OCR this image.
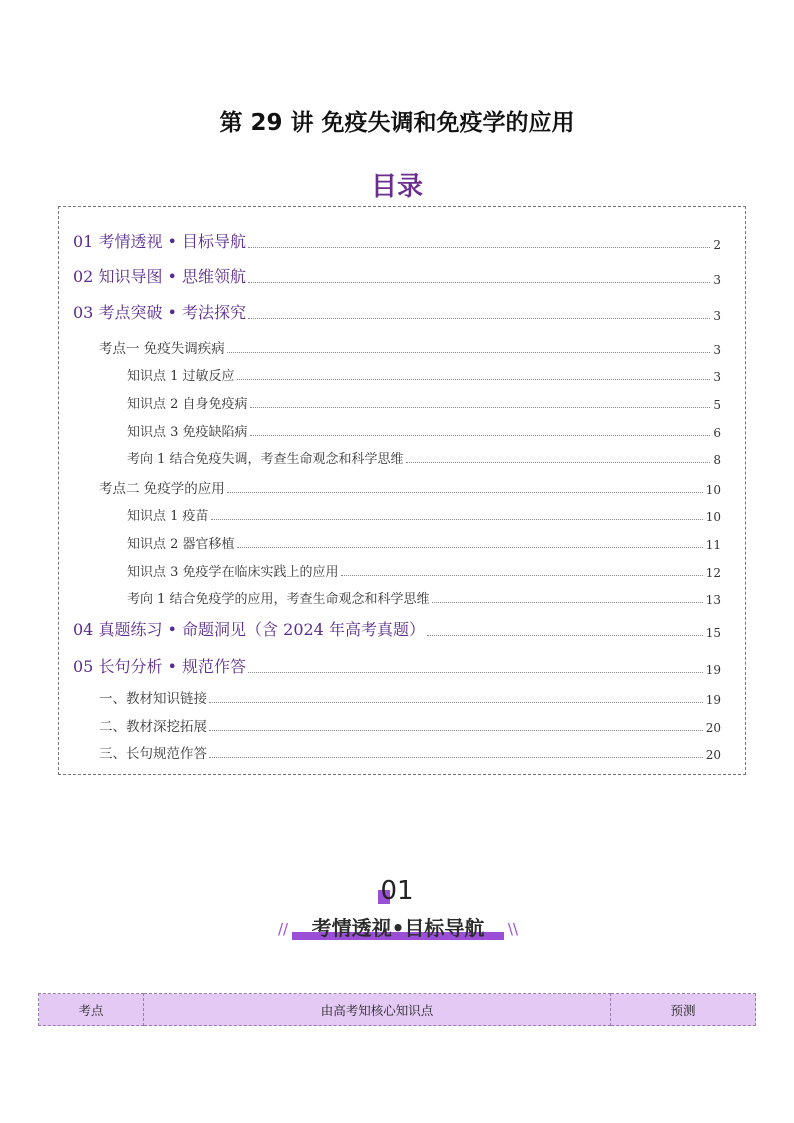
第 29 讲 免疫失调和免疫学的应用
目录
01 考情透视 • 目标导航	2
02 知识导图 • 思维领航	3
03 考点突破 • 考法探究	3
考点一 免疫失调疾病	3
知识点 1 过敏反应	3
知识点 2 自身免疫病	5
知识点 3 免疫缺陷病	6
考向 1 结合免疫失调，考查生命观念和科学思维	8
考点二 免疫学的应用	10
知识点 1 疫苗	10
知识点 2 器官移植	11
知识点 3 免疫学在临床实践上的应用	12
考向 1 结合免疫学的应用，考查生命观念和科学思维	13
04 真题练习 • 命题洞见（含 2024 年高考真题）	15
05 长句分析 • 规范作答	19
一、教材知识链接	19
二、教材深挖拓展	20
三、长句规范作答	20
01
//	考情透视•目标导航	\\
考点	由高考知核心知识点	预测
